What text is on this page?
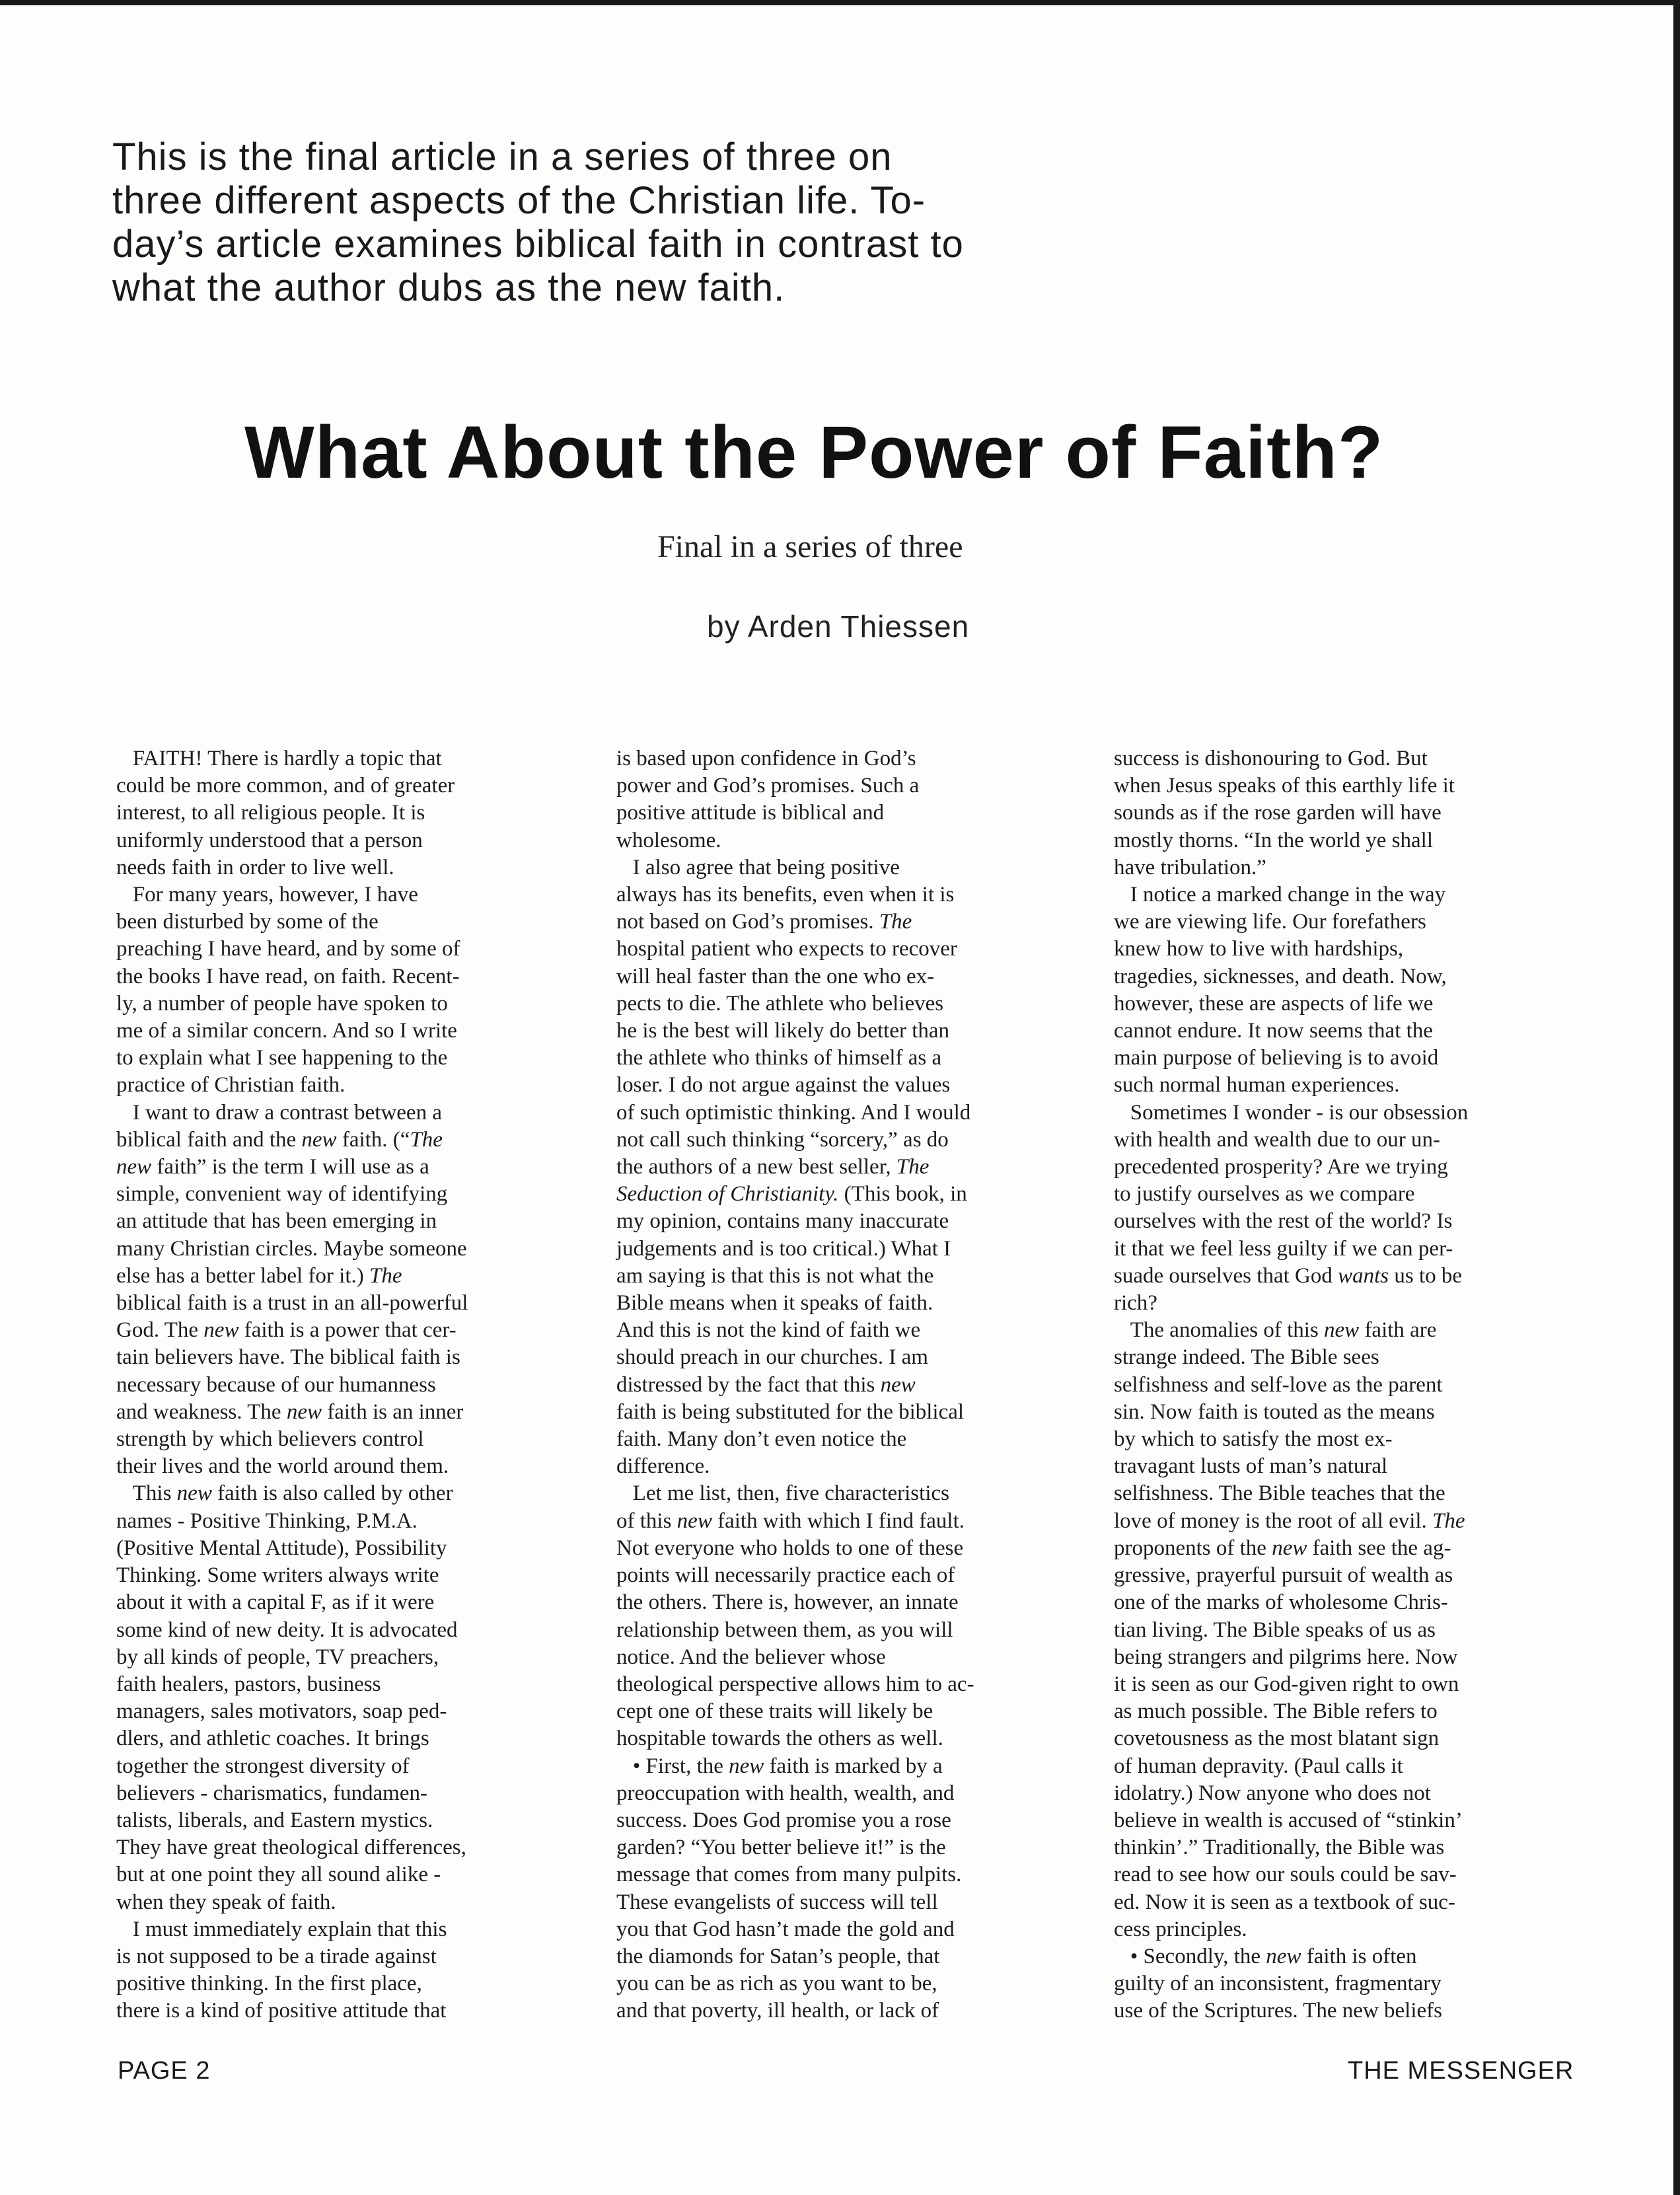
This is the final article in a series of three on
three different aspects of the Christian life. To-
day’s article examines biblical faith in contrast to
what the author dubs as the new faith.
What About the Power of Faith?
Final in a series of three
by Arden Thiessen
FAITH! There is hardly a topic that
could be more common, and of greater
interest, to all religious people. It is
uniformly understood that a person
needs faith in order to live well.
For many years, however, I have
been disturbed by some of the
preaching I have heard, and by some of
the books I have read, on faith. Recent-
ly, a number of people have spoken to
me of a similar concern. And so I write
to explain what I see happening to the
practice of Christian faith.
I want to draw a contrast between a
biblical faith and the new faith. (“The
new faith” is the term I will use as a
simple, convenient way of identifying
an attitude that has been emerging in
many Christian circles. Maybe someone
else has a better label for it.) The
biblical faith is a trust in an all-powerful
God. The new faith is a power that cer-
tain believers have. The biblical faith is
necessary because of our humanness
and weakness. The new faith is an inner
strength by which believers control
their lives and the world around them.
This new faith is also called by other
names - Positive Thinking, P.M.A.
(Positive Mental Attitude), Possibility
Thinking. Some writers always write
about it with a capital F, as if it were
some kind of new deity. It is advocated
by all kinds of people, TV preachers,
faith healers, pastors, business
managers, sales motivators, soap ped-
dlers, and athletic coaches. It brings
together the strongest diversity of
believers - charismatics, fundamen-
talists, liberals, and Eastern mystics.
They have great theological differences,
but at one point they all sound alike -
when they speak of faith.
I must immediately explain that this
is not supposed to be a tirade against
positive thinking. In the first place,
there is a kind of positive attitude that
is based upon confidence in God’s
power and God’s promises. Such a
positive attitude is biblical and
wholesome.
I also agree that being positive
always has its benefits, even when it is
not based on God’s promises. The
hospital patient who expects to recover
will heal faster than the one who ex-
pects to die. The athlete who believes
he is the best will likely do better than
the athlete who thinks of himself as a
loser. I do not argue against the values
of such optimistic thinking. And I would
not call such thinking “sorcery,” as do
the authors of a new best seller, The
Seduction of Christianity. (This book, in
my opinion, contains many inaccurate
judgements and is too critical.) What I
am saying is that this is not what the
Bible means when it speaks of faith.
And this is not the kind of faith we
should preach in our churches. I am
distressed by the fact that this new
faith is being substituted for the biblical
faith. Many don’t even notice the
difference.
Let me list, then, five characteristics
of this new faith with which I find fault.
Not everyone who holds to one of these
points will necessarily practice each of
the others. There is, however, an innate
relationship between them, as you will
notice. And the believer whose
theological perspective allows him to ac-
cept one of these traits will likely be
hospitable towards the others as well.
• First, the new faith is marked by a
preoccupation with health, wealth, and
success. Does God promise you a rose
garden? “You better believe it!” is the
message that comes from many pulpits.
These evangelists of success will tell
you that God hasn’t made the gold and
the diamonds for Satan’s people, that
you can be as rich as you want to be,
and that poverty, ill health, or lack of
success is dishonouring to God. But
when Jesus speaks of this earthly life it
sounds as if the rose garden will have
mostly thorns. “In the world ye shall
have tribulation.”
I notice a marked change in the way
we are viewing life. Our forefathers
knew how to live with hardships,
tragedies, sicknesses, and death. Now,
however, these are aspects of life we
cannot endure. It now seems that the
main purpose of believing is to avoid
such normal human experiences.
Sometimes I wonder - is our obsession
with health and wealth due to our un-
precedented prosperity? Are we trying
to justify ourselves as we compare
ourselves with the rest of the world? Is
it that we feel less guilty if we can per-
suade ourselves that God wants us to be
rich?
The anomalies of this new faith are
strange indeed. The Bible sees
selfishness and self-love as the parent
sin. Now faith is touted as the means
by which to satisfy the most ex-
travagant lusts of man’s natural
selfishness. The Bible teaches that the
love of money is the root of all evil. The
proponents of the new faith see the ag-
gressive, prayerful pursuit of wealth as
one of the marks of wholesome Chris-
tian living. The Bible speaks of us as
being strangers and pilgrims here. Now
it is seen as our God-given right to own
as much possible. The Bible refers to
covetousness as the most blatant sign
of human depravity. (Paul calls it
idolatry.) Now anyone who does not
believe in wealth is accused of “stinkin’
thinkin’.” Traditionally, the Bible was
read to see how our souls could be sav-
ed. Now it is seen as a textbook of suc-
cess principles.
• Secondly, the new faith is often
guilty of an inconsistent, fragmentary
use of the Scriptures. The new beliefs
PAGE 2	THE MESSENGER
